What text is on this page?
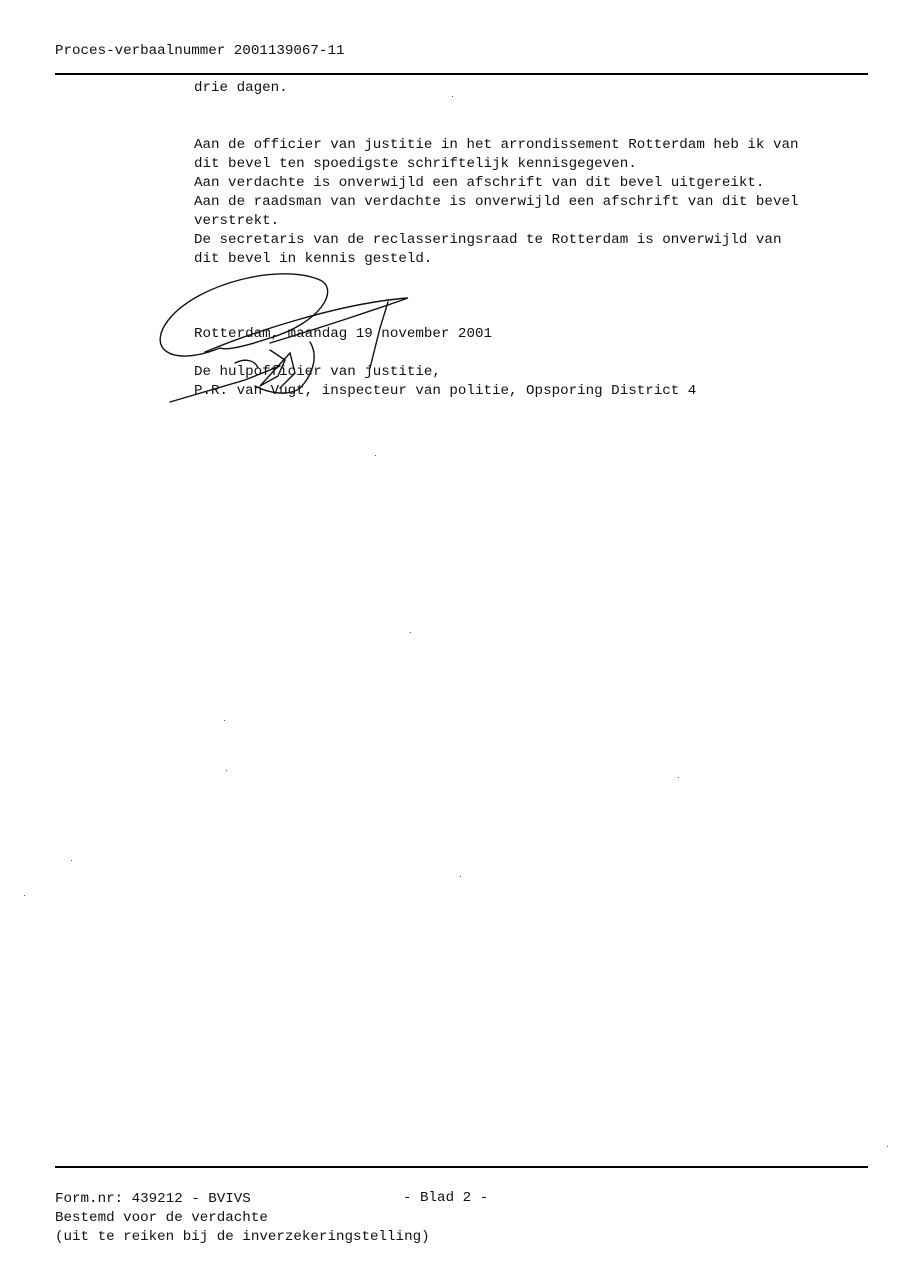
Proces-verbaalnummer 2001139067-11
drie dagen.
Aan de officier van justitie in het arrondissement Rotterdam heb ik van
dit bevel ten spoedigste schriftelijk kennisgegeven.
Aan verdachte is onverwijld een afschrift van dit bevel uitgereikt.
Aan de raadsman van verdachte is onverwijld een afschrift van dit bevel
verstrekt.
De secretaris van de reclasseringsraad te Rotterdam is onverwijld van
dit bevel in kennis gesteld.
Rotterdam, maandag 19 november 2001
De hulpofficier van justitie,
P.R. van Vugt, inspecteur van politie, Opsporing District 4
Form.nr: 439212 - BVIVS	- Blad 2 -
Bestemd voor de verdachte
(uit te reiken bij de inverzekeringstelling)
